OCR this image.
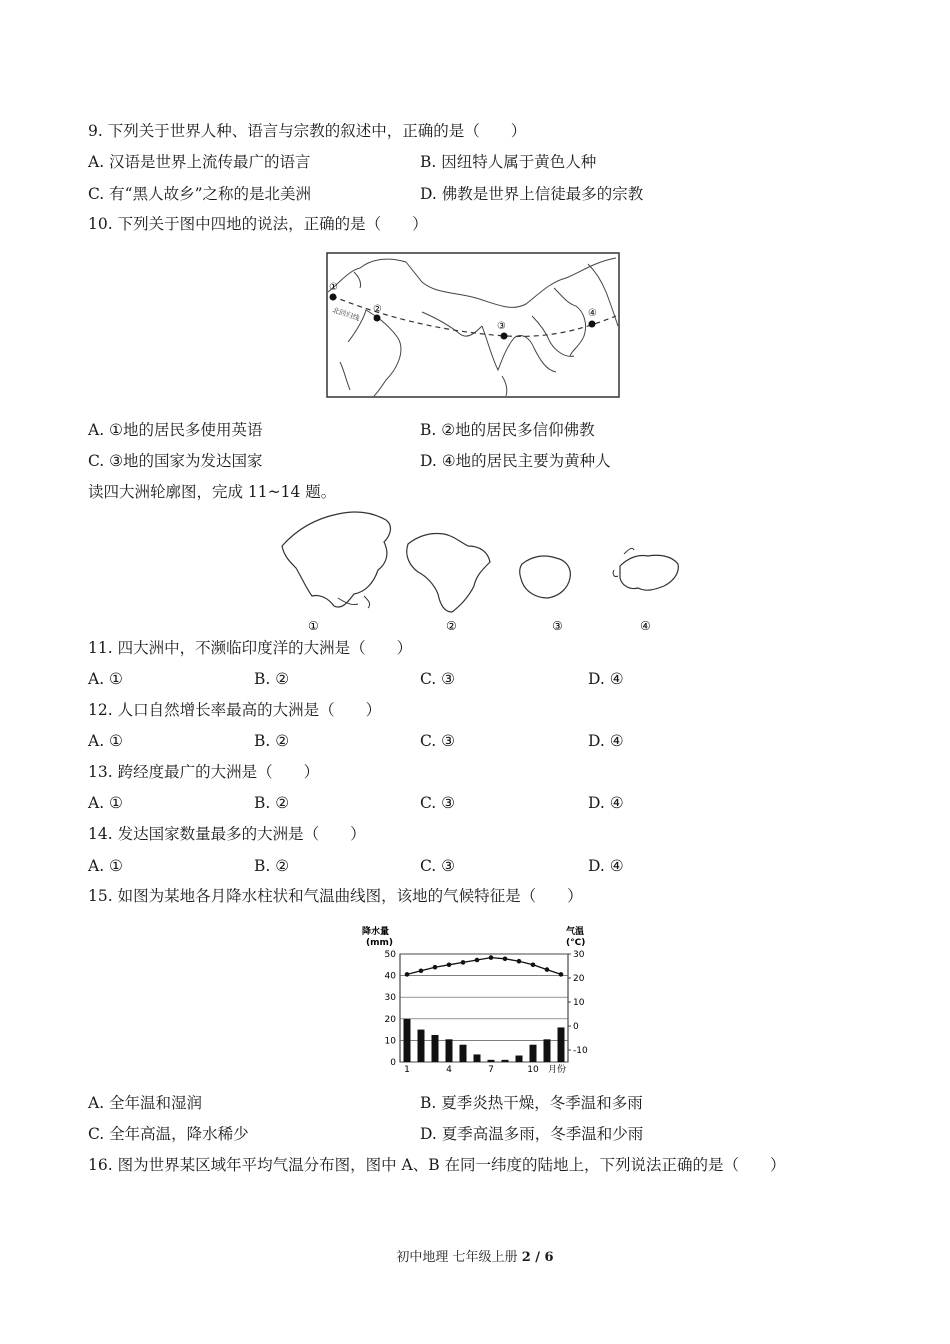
9. 下列关于世界人种、语言与宗教的叙述中，正确的是（　　）
A. 汉语是世界上流传最广的语言	B. 因纽特人属于黄色人种
C. 有“黑人故乡”之称的是北美洲	D. 佛教是世界上信徒最多的宗教
10. 下列关于图中四地的说法，正确的是（　　）
北回归线
①
②
③
④
A. ①地的居民多使用英语	B. ②地的居民多信仰佛教
C. ③地的国家为发达国家	D. ④地的居民主要为黄种人
读四大洲轮廓图，完成 11~14 题。
①	②	③	④
11. 四大洲中，不濒临印度洋的大洲是（　　）
A. ①	B. ②	C. ③	D. ④
12. 人口自然增长率最高的大洲是（　　）
A. ①	B. ②	C. ③	D. ④
13. 跨经度最广的大洲是（　　）
A. ①	B. ②	C. ③	D. ④
14. 发达国家数量最多的大洲是（　　）
A. ①	B. ②	C. ③	D. ④
15. 如图为某地各月降水柱状和气温曲线图，该地的气候特征是（　　）
降水量
(mm)
气温
(°C)
0
10
20
30
40
50
-10
0
10
20
30
1	4	7	10 月份
A. 全年温和湿润	B. 夏季炎热干燥，冬季温和多雨
C. 全年高温，降水稀少	D. 夏季高温多雨，冬季温和少雨
16. 图为世界某区域年平均气温分布图，图中 A、B 在同一纬度的陆地上，下列说法正确的是（　　）
初中地理 七年级上册 2 / 6
